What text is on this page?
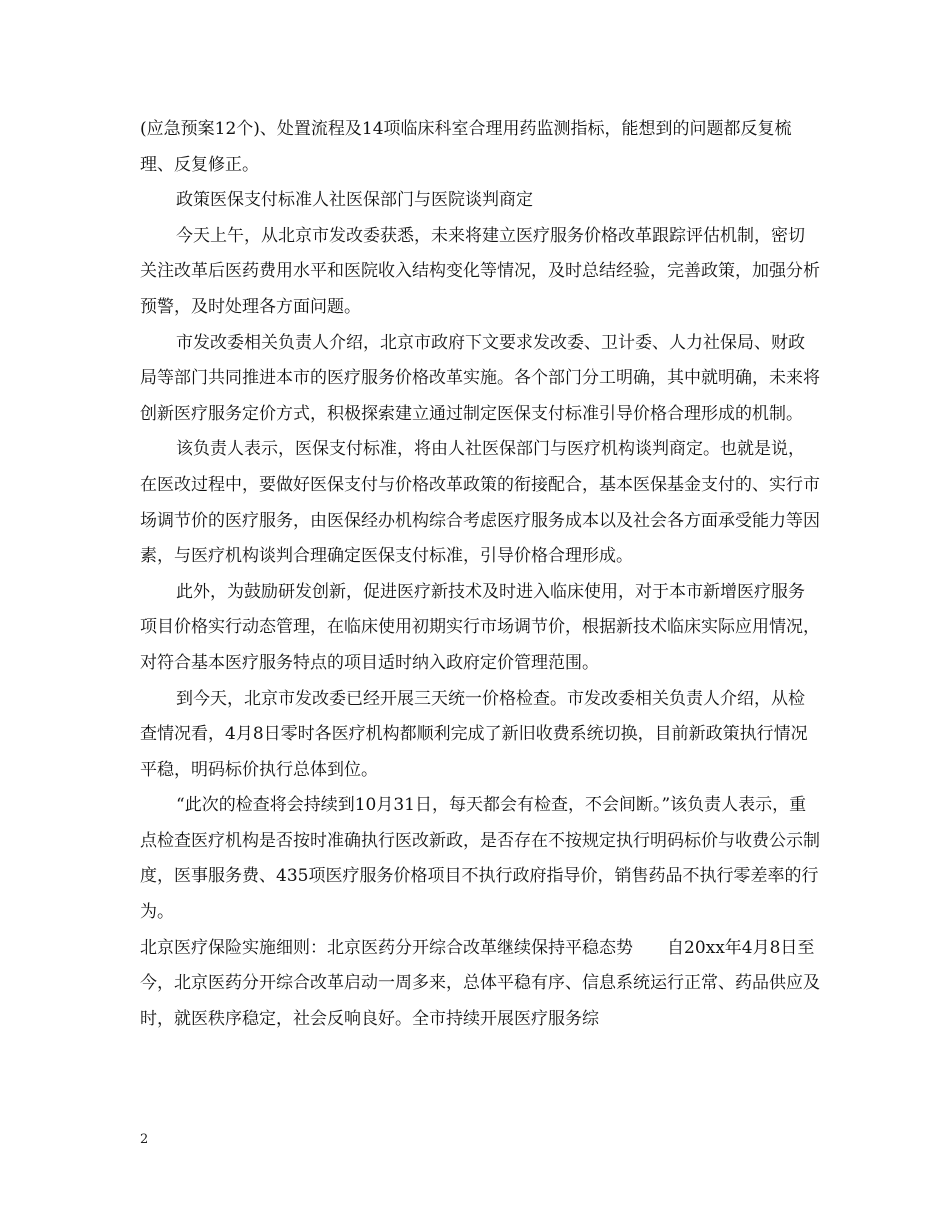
(应急预案12个)、处置流程及14项临床科室合理用药监测指标，能想到的问题都反复梳理、反复修正。

政策医保支付标准人社医保部门与医院谈判商定

今天上午，从北京市发改委获悉，未来将建立医疗服务价格改革跟踪评估机制，密切关注改革后医药费用水平和医院收入结构变化等情况，及时总结经验，完善政策，加强分析预警，及时处理各方面问题。

市发改委相关负责人介绍，北京市政府下文要求发改委、卫计委、人力社保局、财政局等部门共同推进本市的医疗服务价格改革实施。各个部门分工明确，其中就明确，未来将创新医疗服务定价方式，积极探索建立通过制定医保支付标准引导价格合理形成的机制。

该负责人表示，医保支付标准，将由人社医保部门与医疗机构谈判商定。也就是说，在医改过程中，要做好医保支付与价格改革政策的衔接配合，基本医保基金支付的、实行市场调节价的医疗服务，由医保经办机构综合考虑医疗服务成本以及社会各方面承受能力等因素，与医疗机构谈判合理确定医保支付标准，引导价格合理形成。

此外，为鼓励研发创新，促进医疗新技术及时进入临床使用，对于本市新增医疗服务项目价格实行动态管理，在临床使用初期实行市场调节价，根据新技术临床实际应用情况，对符合基本医疗服务特点的项目适时纳入政府定价管理范围。

到今天，北京市发改委已经开展三天统一价格检查。市发改委相关负责人介绍，从检查情况看，4月8日零时各医疗机构都顺利完成了新旧收费系统切换，目前新政策执行情况平稳，明码标价执行总体到位。

“此次的检查将会持续到10月31日，每天都会有检查，不会间断。”该负责人表示，重点检查医疗机构是否按时准确执行医改新政，是否存在不按规定执行明码标价与收费公示制度，医事服务费、435项医疗服务价格项目不执行政府指导价，销售药品不执行零差率的行为。

北京医疗保险实施细则：北京医药分开综合改革继续保持平稳态势　　自20xx年4月8日至今，北京医药分开综合改革启动一周多来，总体平稳有序、信息系统运行正常、药品供应及时，就医秩序稳定，社会反响良好。全市持续开展医疗服务综

2
